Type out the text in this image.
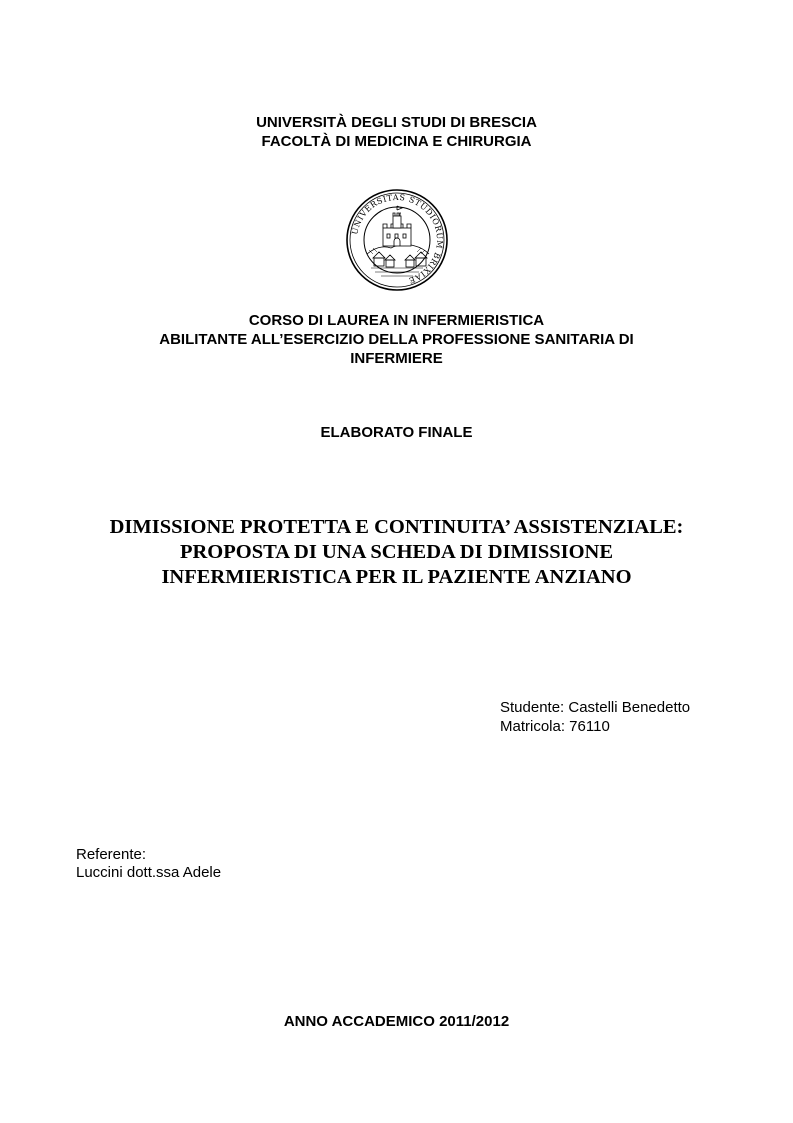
UNIVERSITÀ DEGLI STUDI DI BRESCIA
FACOLTÀ DI MEDICINA E CHIRURGIA
UNIVERSITAS STUDIORUM BRIXIAE
CORSO DI LAUREA IN INFERMIERISTICA
ABILITANTE ALL’ESERCIZIO DELLA PROFESSIONE SANITARIA DI
INFERMIERE
ELABORATO FINALE
DIMISSIONE PROTETTA E CONTINUITA’ ASSISTENZIALE:
PROPOSTA DI UNA SCHEDA DI DIMISSIONE
INFERMIERISTICA PER IL PAZIENTE ANZIANO
Studente: Castelli Benedetto
Matricola: 76110
Referente:
Luccini dott.ssa Adele
ANNO ACCADEMICO 2011/2012
